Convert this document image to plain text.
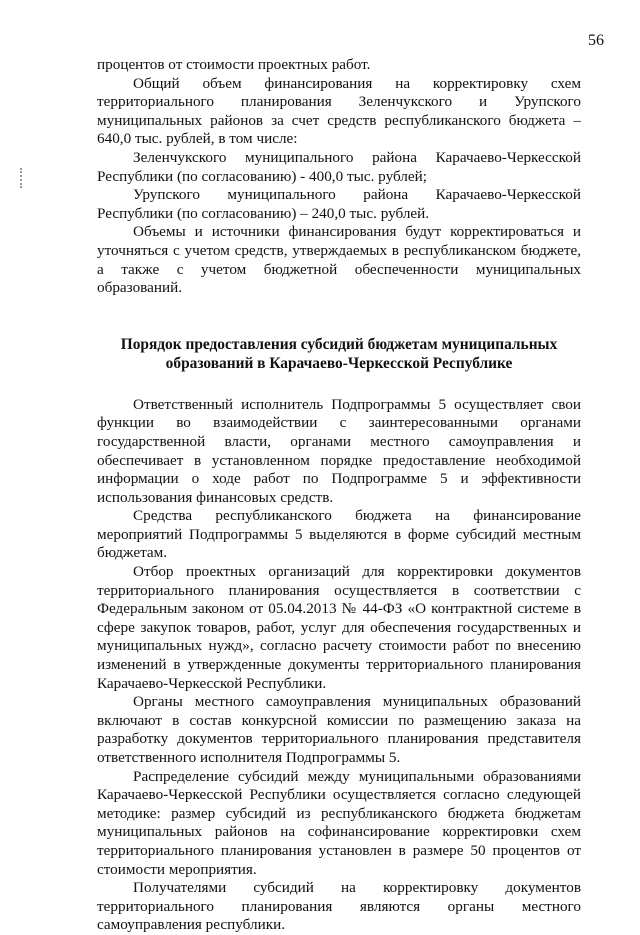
56

процентов от стоимости проектных работ.

Общий объем финансирования на корректировку схем территориального планирования Зеленчукского и Урупского муниципальных районов за счет средств республиканского бюджета – 640,0 тыс. рублей, в том числе:

Зеленчукского муниципального района Карачаево-Черкесской Республики (по согласованию) - 400,0 тыс. рублей;

Урупского муниципального района Карачаево-Черкесской Республики (по согласованию) – 240,0 тыс. рублей.

Объемы и источники финансирования будут корректироваться и уточняться с учетом средств, утверждаемых в республиканском бюджете, а также с учетом бюджетной обеспеченности муниципальных образований.

Порядок предоставления субсидий бюджетам муниципальных
образований в Карачаево-Черкесской Республике

Ответственный исполнитель Подпрограммы 5 осуществляет свои функции во взаимодействии с заинтересованными органами государственной власти, органами местного самоуправления и обеспечивает в установленном порядке предоставление необходимой информации о ходе работ по Подпрограмме 5 и эффективности использования финансовых средств.

Средства республиканского бюджета на финансирование мероприятий Подпрограммы 5 выделяются в форме субсидий местным бюджетам.

Отбор проектных организаций для корректировки документов территориального планирования осуществляется в соответствии с Федеральным законом от 05.04.2013 № 44-ФЗ «О контрактной системе в сфере закупок товаров, работ, услуг для обеспечения государственных и муниципальных нужд», согласно расчету стоимости работ по внесению изменений в утвержденные документы территориального планирования Карачаево-Черкесской Республики.

Органы местного самоуправления муниципальных образований включают в состав конкурсной комиссии по размещению заказа на разработку документов территориального планирования представителя ответственного исполнителя Подпрограммы 5.

Распределение субсидий между муниципальными образованиями Карачаево-Черкесской Республики осуществляется согласно следующей методике: размер субсидий из республиканского бюджета бюджетам муниципальных районов на софинансирование корректировки схем территориального планирования установлен в размере 50 процентов от стоимости мероприятия.

Получателями субсидий на корректировку документов территориального планирования являются органы местного самоуправления республики.
